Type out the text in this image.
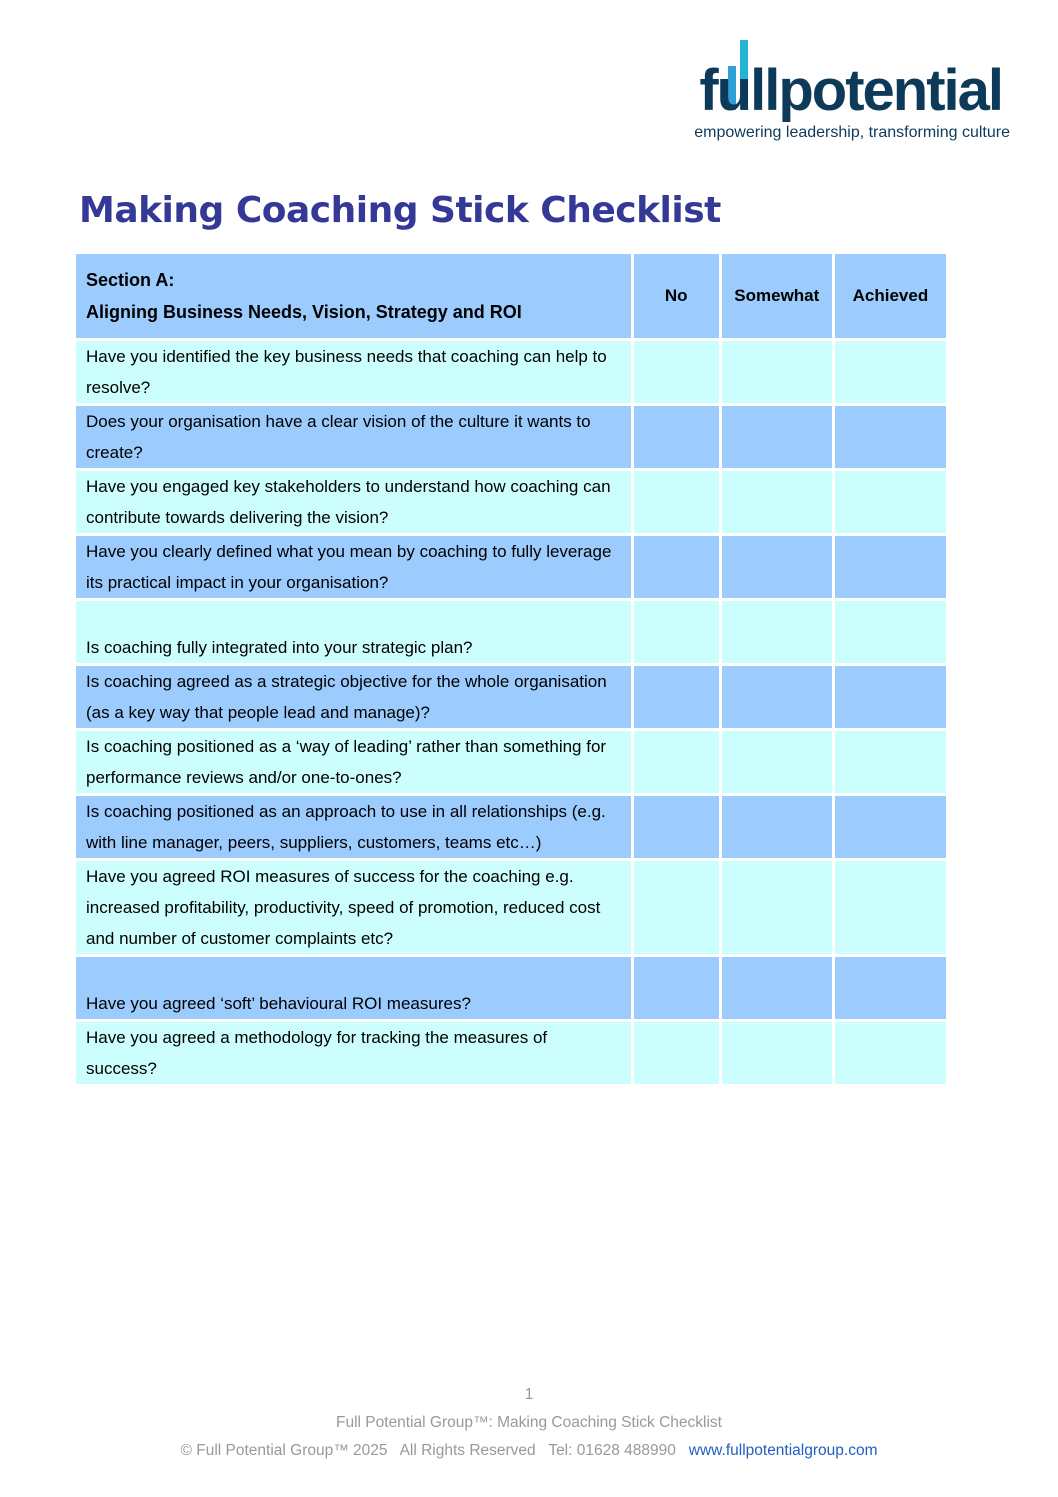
fullpotential
empowering leadership, transforming culture
Making Coaching Stick Checklist
Section A:
Aligning Business Needs, Vision, Strategy and ROI	No	Somewhat	Achieved
Have you identified the key business needs that coaching can help to resolve?			
Does your organisation have a clear vision of the culture it wants to create?			
Have you engaged key stakeholders to understand how coaching can contribute towards delivering the vision?			
Have you clearly defined what you mean by coaching to fully leverage its practical impact in your organisation?			
Is coaching fully integrated into your strategic plan?			
Is coaching agreed as a strategic objective for the whole organisation (as a key way that people lead and manage)?			
Is coaching positioned as a ‘way of leading’ rather than something for performance reviews and/or one-to-ones?			
Is coaching positioned as an approach to use in all relationships (e.g. with line manager, peers, suppliers, customers, teams etc…)			
Have you agreed ROI measures of success for the coaching e.g. increased profitability, productivity, speed of promotion, reduced cost and number of customer complaints etc?			
Have you agreed ‘soft’ behavioural ROI measures?			
Have you agreed a methodology for tracking the measures of success?			
1
Full Potential Group™: Making Coaching Stick Checklist
© Full Potential Group™ 2025   All Rights Reserved   Tel: 01628 488990 www.fullpotentialgroup.com
